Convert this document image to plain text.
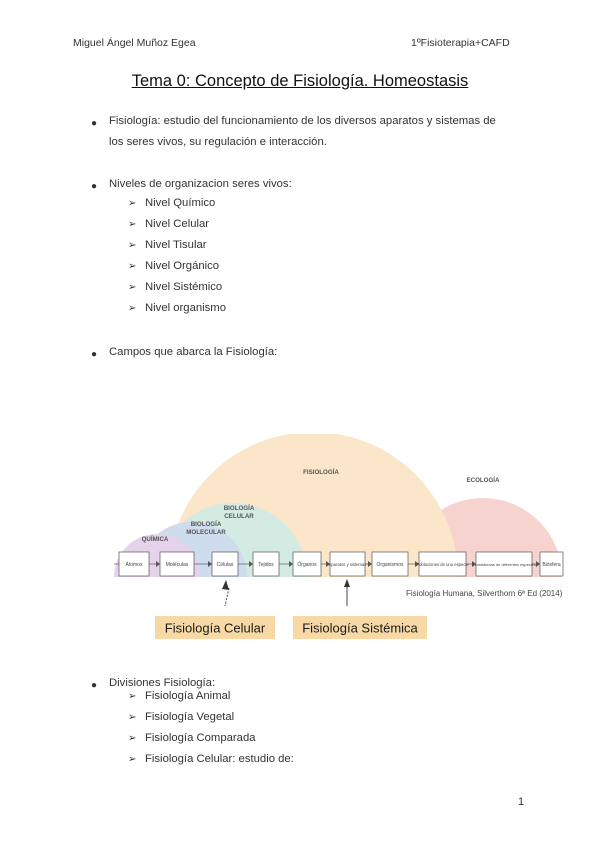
Miguel Ángel Muñoz Egea	1ºFisioterapia+CAFD
Tema 0: Concepto de Fisiología. Homeostasis
● Fisiología: estudio del funcionamiento de los diversos aparatos y sistemas de
los seres vivos, su regulación e interacción.
● Niveles de organizacion seres vivos:
➢ Nivel Químico
➢ Nivel Celular
➢ Nivel Tisular
➢ Nivel Orgánico
➢ Nivel Sistémico
➢ Nivel organismo
● Campos que abarca la Fisiología:
FISIOLOGÍA
ECOLOGÍA
BIOLOGÍA
CELULAR
BIOLOGÍA
MOLECULAR
QUÍMICA
Átomos	Moléculas	Células	Tejidos	Órganos	Aparatos y sistemas Organismos	Poblaciones de una especie Ecosistemas de diferentes especies Biósfera
Fisiología Humana, Silverthorn 6ª Ed (2014)
Fisiología Celular	Fisiología Sistémica
● Divisiones Fisiología:
➢ Fisiología Animal
➢ Fisiología Vegetal
➢ Fisiología Comparada
➢ Fisiología Celular: estudio de:
1
